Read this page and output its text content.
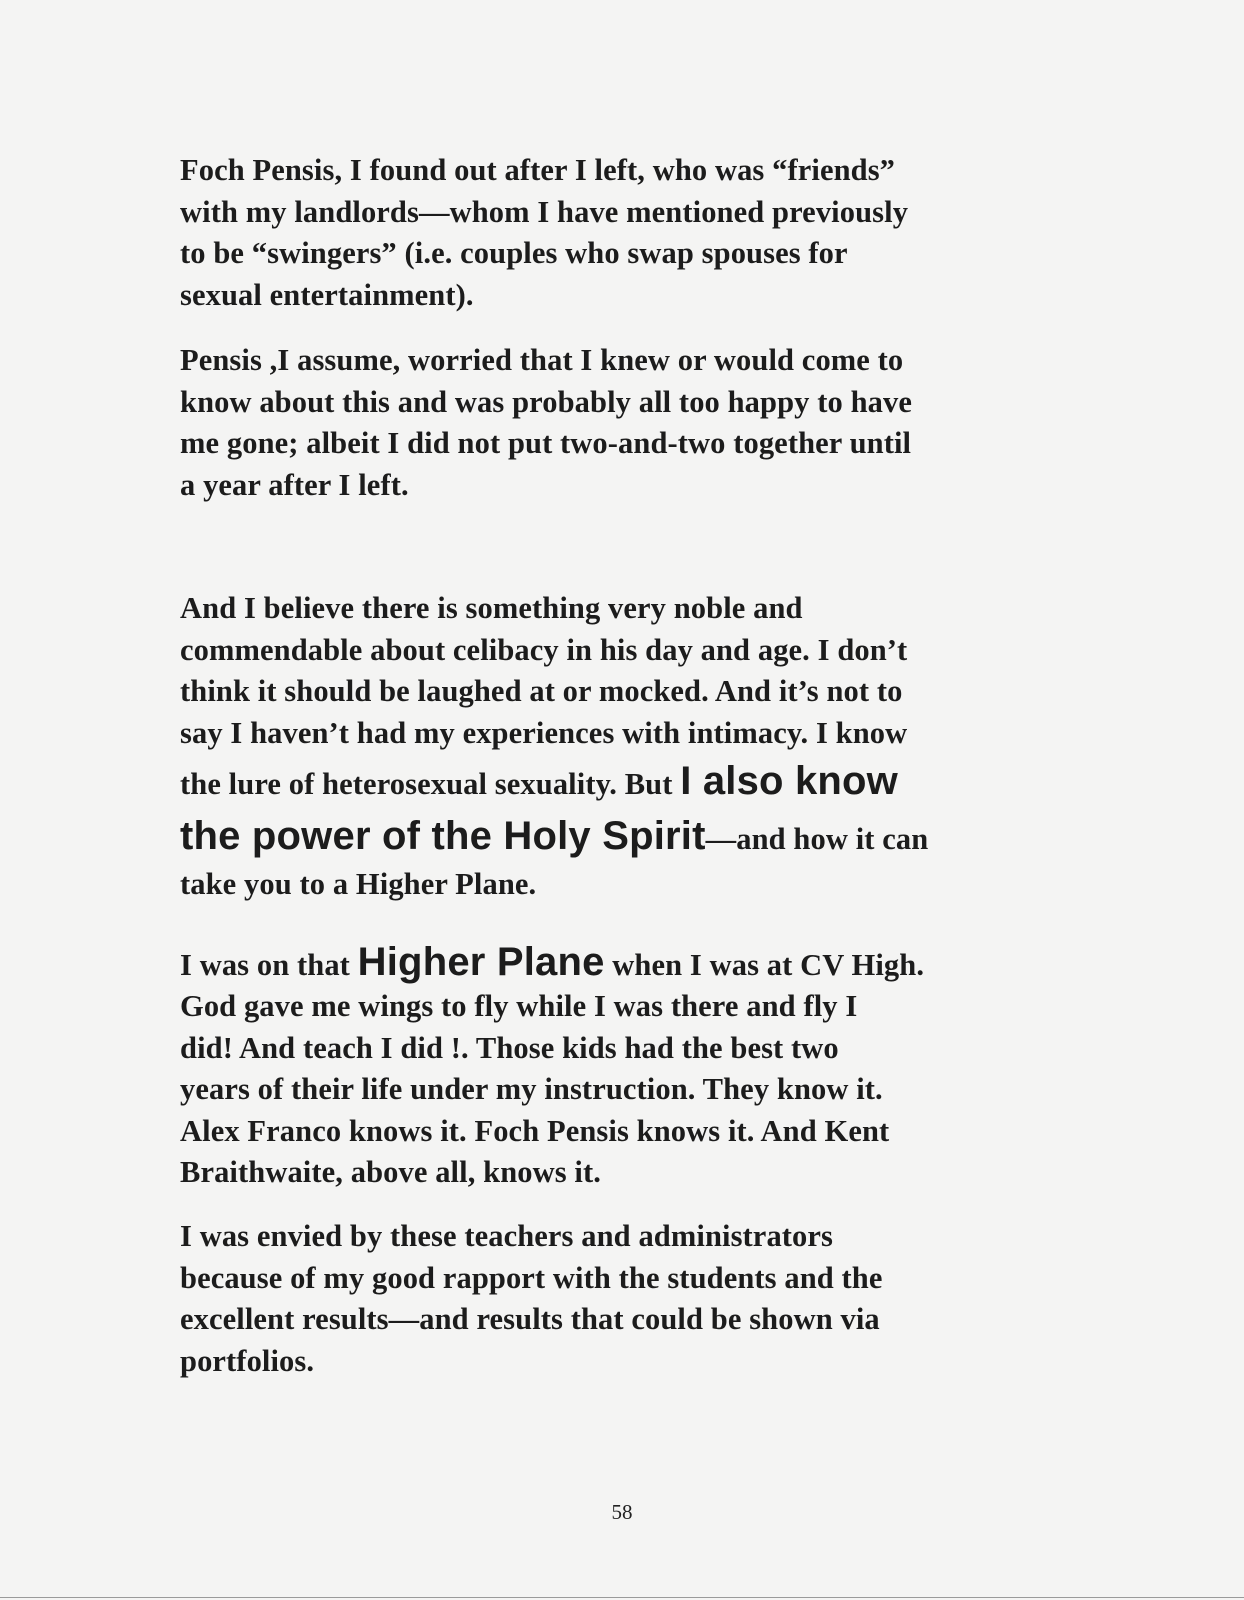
Foch Pensis, I found out after I left, who was “friends”
with my landlords—whom I have mentioned previously
to be “swingers” (i.e. couples who swap spouses for
sexual entertainment).

Pensis ,I assume, worried that I knew or would come to
know about this and was probably all too happy to have
me gone; albeit I did not put two-and-two together until
a year after I left.

And I believe there is something very noble and
commendable about celibacy in his day and age. I don’t
think it should be laughed at or mocked. And it’s not to
say I haven’t had my experiences with intimacy. I know
the lure of heterosexual sexuality. But I also know
the power of the Holy Spirit—and how it can
take you to a Higher Plane.

I was on that Higher Plane when I was at CV High.
God gave me wings to fly while I was there and fly I
did! And teach I did !. Those kids had the best two
years of their life under my instruction. They know it.
Alex Franco knows it. Foch Pensis knows it. And Kent
Braithwaite, above all, knows it.

I was envied by these teachers and administrators
because of my good rapport with the students and the
excellent results—and results that could be shown via
portfolios.

58
